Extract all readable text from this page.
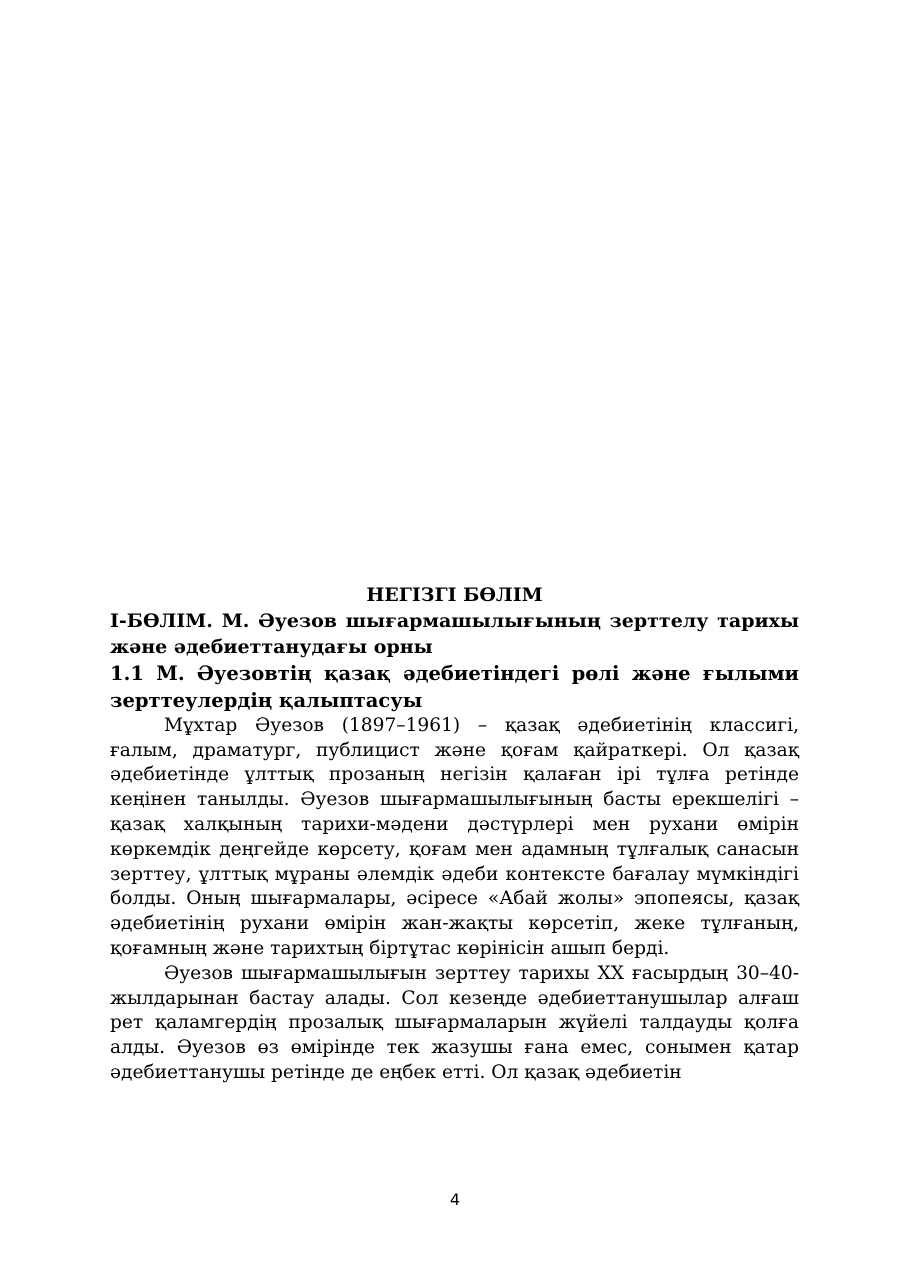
НЕГІЗГІ БӨЛІМ

І-БӨЛІМ. М. Әуезов шығармашылығының зерттелу тарихы және әдебиеттанудағы орны

1.1 М. Әуезовтің қазақ әдебиетіндегі рөлі және ғылыми зерттеулердің қалыптасуы

Мұхтар Әуезов (1897–1961) – қазақ әдебиетінің классигі, ғалым, драматург, публицист және қоғам қайраткері. Ол қазақ әдебиетінде ұлттық прозаның негізін қалаған ірі тұлға ретінде кеңінен танылды. Әуезов шығармашылығының басты ерекшелігі – қазақ халқының тарихи-мәдени дәстүрлері мен рухани өмірін көркемдік деңгейде көрсету, қоғам мен адамның тұлғалық санасын зерттеу, ұлттық мұраны әлемдік әдеби контексте бағалау мүмкіндігі болды. Оның шығармалары, әсіресе «Абай жолы» эпопеясы, қазақ әдебиетінің рухани өмірін жан-жақты көрсетіп, жеке тұлғаның, қоғамның және тарихтың біртұтас көрінісін ашып берді.

Әуезов шығармашылығын зерттеу тарихы XX ғасырдың 30–40-жылдарынан бастау алады. Сол кезеңде әдебиеттанушылар алғаш рет қаламгердің прозалық шығармаларын жүйелі талдауды қолға алды. Әуезов өз өмірінде тек жазушы ғана емес, сонымен қатар әдебиеттанушы ретінде де еңбек етті. Ол қазақ әдебиетін

4
